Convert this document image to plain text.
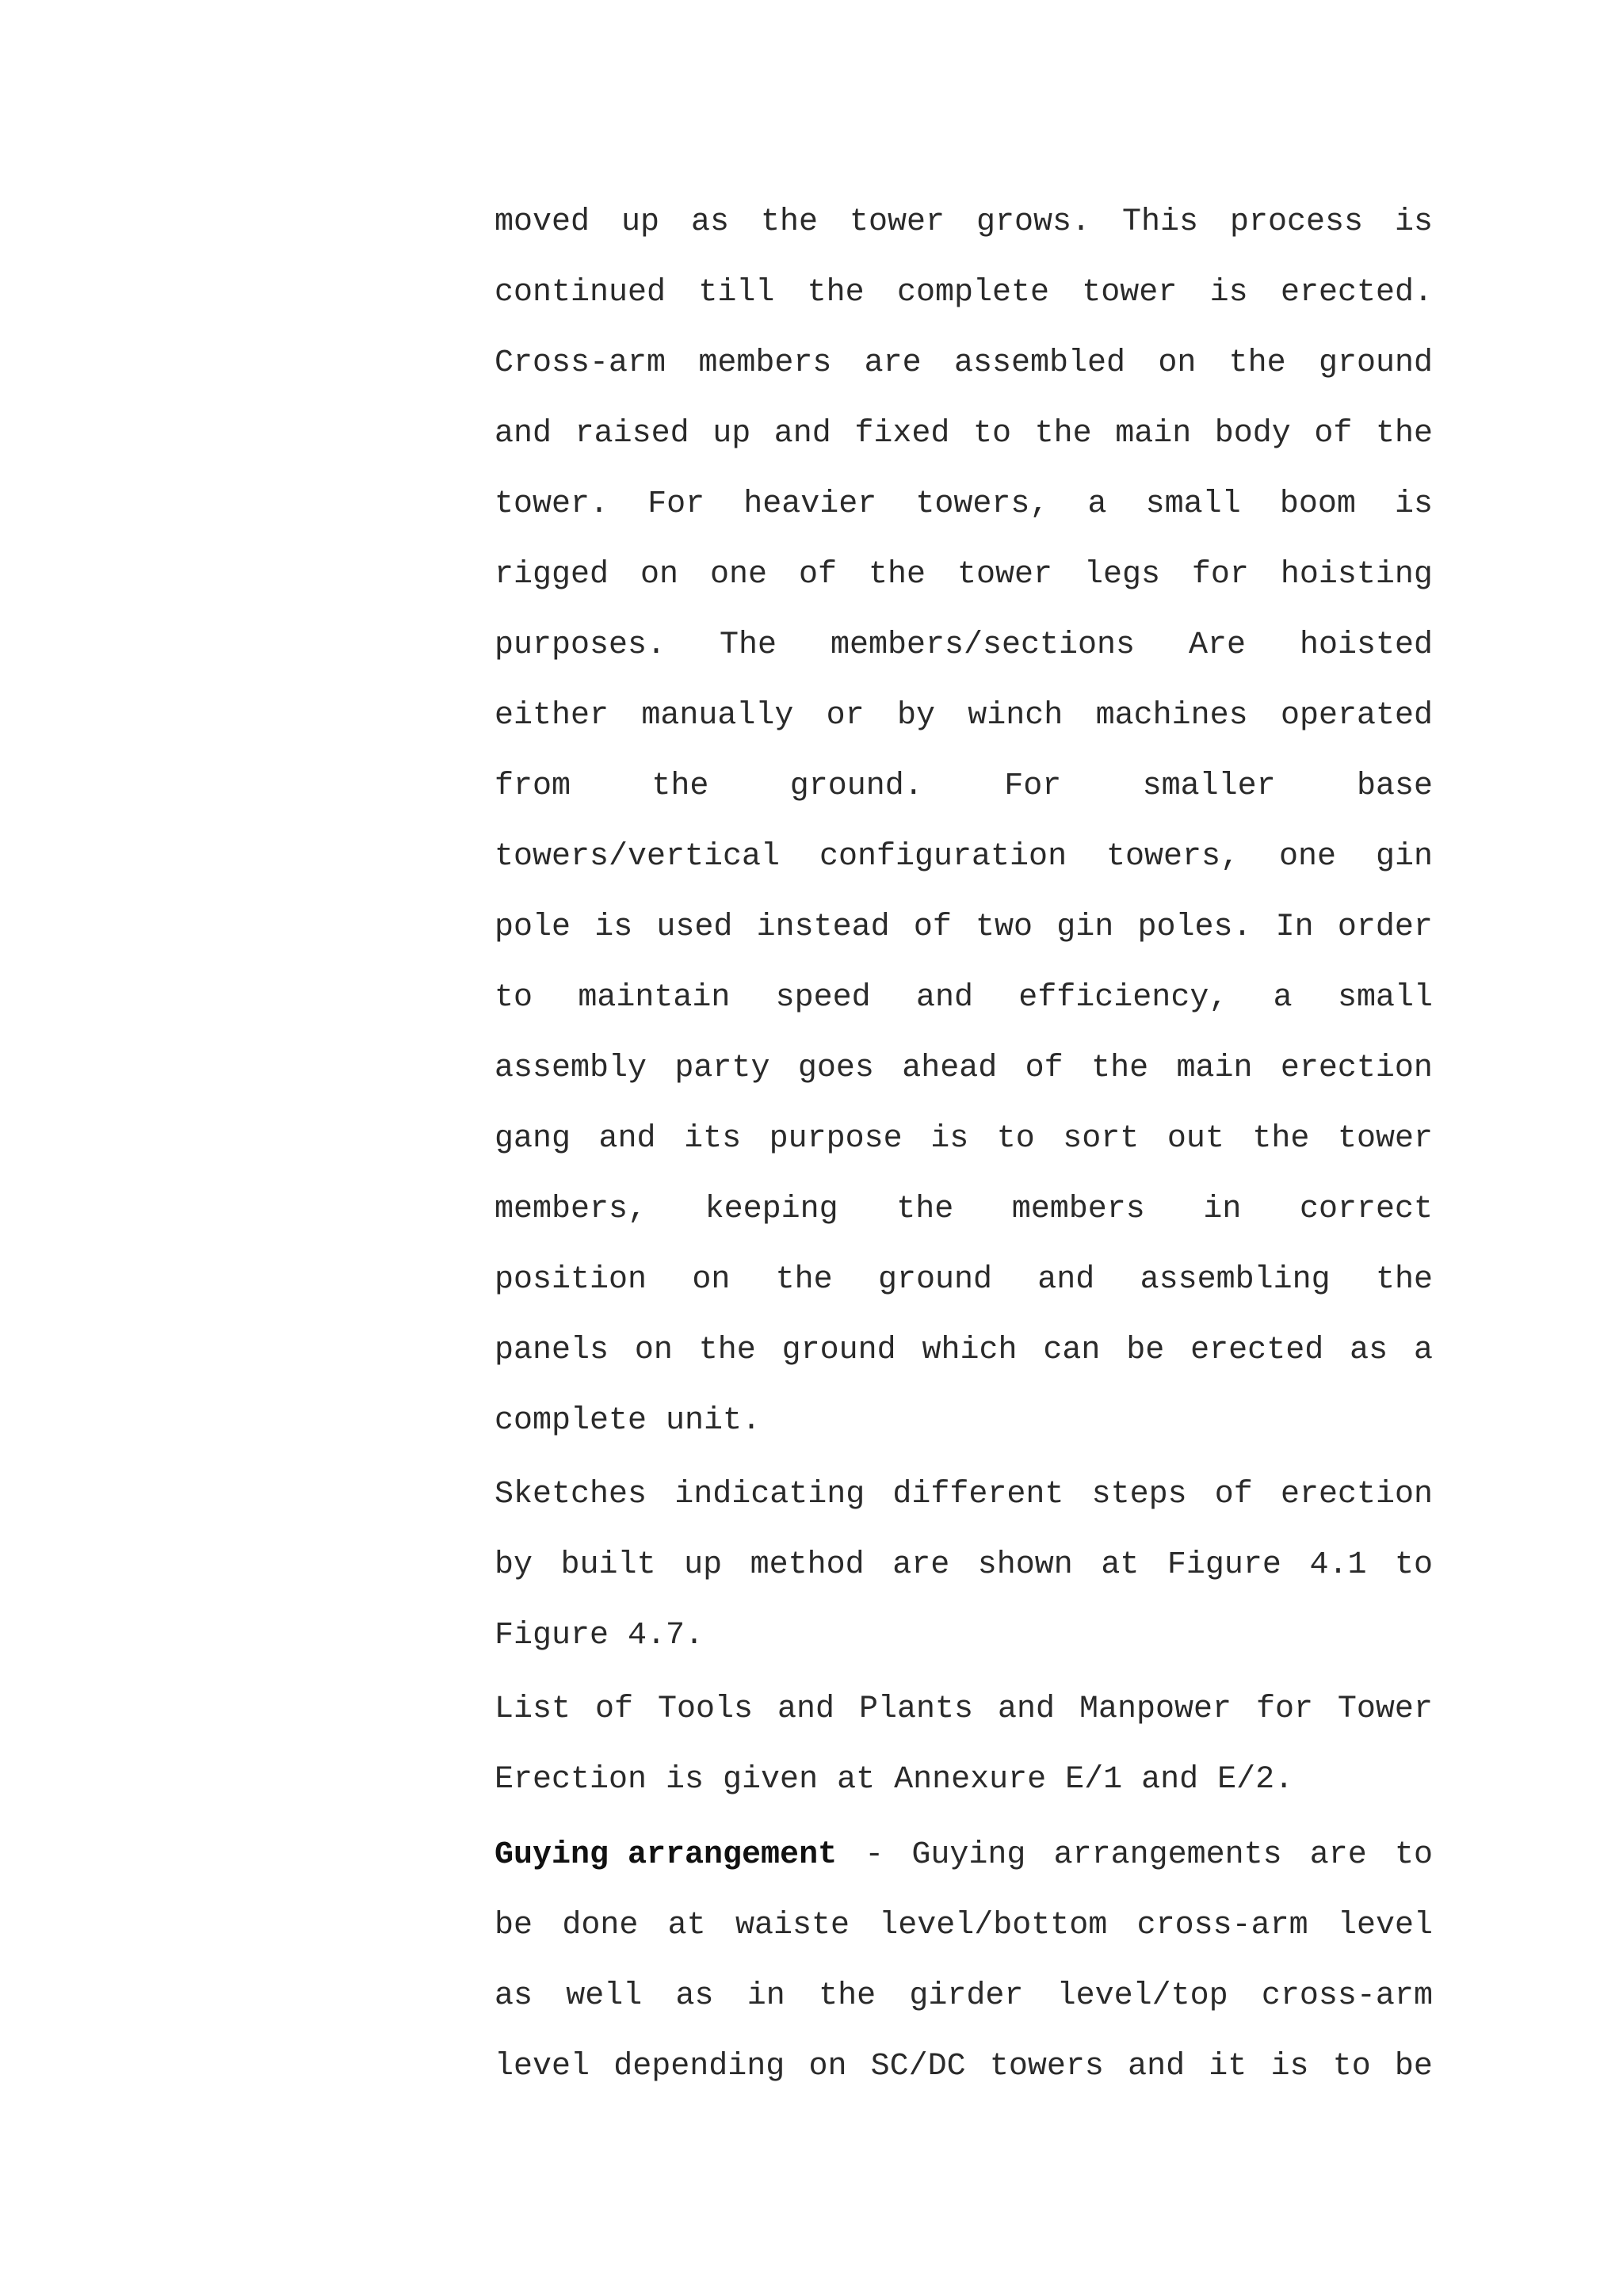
moved up as the tower grows. This process is
continued till the complete tower is erected.
Cross-arm members are assembled on the ground
and raised up and fixed to the main body of the
tower. For heavier towers, a small boom is
rigged on one of the tower legs for hoisting
purposes. The members/sections Are hoisted
either manually or by winch machines operated
from	the	ground.	For	smaller	base
towers/vertical configuration towers, one gin
pole is used instead of two gin poles. In order
to maintain speed and efficiency, a small
assembly party goes ahead of the main erection
gang and its purpose is to sort out the tower
members, keeping the members in correct
position on the ground and assembling the
panels on the ground which can be erected as a
complete unit.
Sketches indicating different steps of erection
by built up method are shown at Figure 4.1 to
Figure 4.7.
List of Tools and Plants and Manpower for Tower
Erection is given at Annexure E/1 and E/2.
Guying arrangement - Guying arrangements are to
be done at waiste level/bottom cross-arm level
as well as in the girder level/top cross-arm
level depending on SC/DC towers and it is to be
